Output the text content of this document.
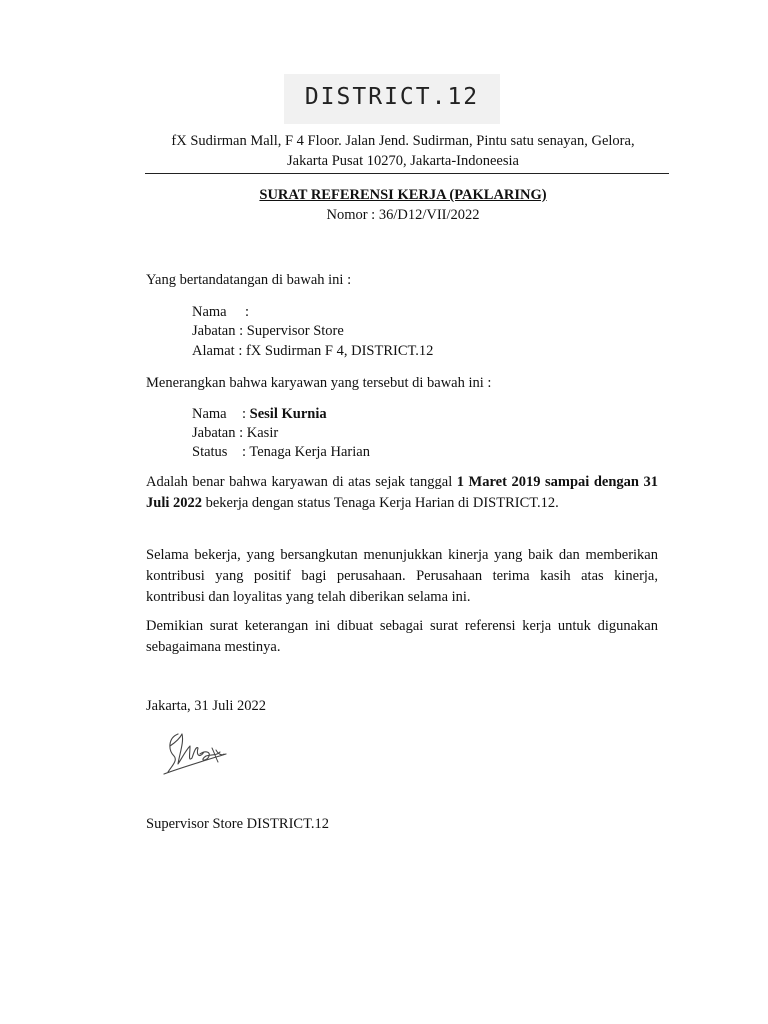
DISTRICT.12
fX Sudirman Mall, F 4 Floor. Jalan Jend. Sudirman, Pintu satu senayan, Gelora,
Jakarta Pusat 10270, Jakarta-Indoneesia
SURAT REFERENSI KERJA (PAKLARING)
Nomor : 36/D12/VII/2022
Yang bertandatangan di bawah ini :
Nama :
Jabatan : Supervisor Store
Alamat : fX Sudirman F 4, DISTRICT.12
Menerangkan bahwa karyawan yang tersebut di bawah ini :
Nama : Sesil Kurnia
Jabatan : Kasir
Status : Tenaga Kerja Harian

Adalah benar bahwa karyawan di atas sejak tanggal 1 Maret 2019 sampai dengan 31 Juli 2022 bekerja dengan status Tenaga Kerja Harian di DISTRICT.12.

Selama bekerja, yang bersangkutan menunjukkan kinerja yang baik dan memberikan kontribusi yang positif bagi perusahaan. Perusahaan terima kasih atas kinerja, kontribusi dan loyalitas yang telah diberikan selama ini.

Demikian surat keterangan ini dibuat sebagai surat referensi kerja untuk digunakan sebagaimana mestinya.

Jakarta, 31 Juli 2022
Supervisor Store DISTRICT.12
